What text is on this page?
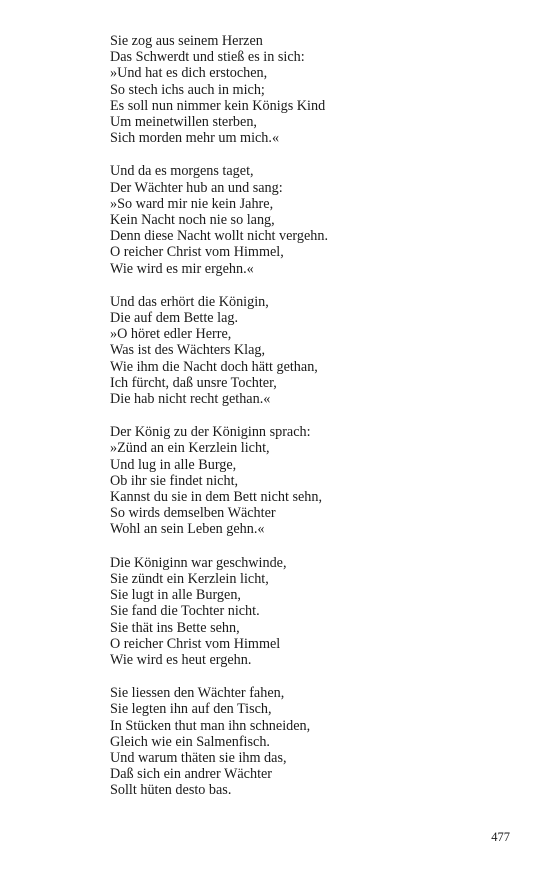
Sie zog aus seinem Herzen
Das Schwerdt und stieß es in sich:
»Und hat es dich erstochen,
So stech ichs auch in mich;
Es soll nun nimmer kein Königs Kind
Um meinetwillen sterben,
Sich morden mehr um mich.«
Und da es morgens taget,
Der Wächter hub an und sang:
»So ward mir nie kein Jahre,
Kein Nacht noch nie so lang,
Denn diese Nacht wollt nicht vergehn.
O reicher Christ vom Himmel,
Wie wird es mir ergehn.«
Und das erhört die Königin,
Die auf dem Bette lag.
»O höret edler Herre,
Was ist des Wächters Klag,
Wie ihm die Nacht doch hätt gethan,
Ich fürcht, daß unsre Tochter,
Die hab nicht recht gethan.«
Der König zu der Königinn sprach:
»Zünd an ein Kerzlein licht,
Und lug in alle Burge,
Ob ihr sie findet nicht,
Kannst du sie in dem Bett nicht sehn,
So wirds demselben Wächter
Wohl an sein Leben gehn.«
Die Königinn war geschwinde,
Sie zündt ein Kerzlein licht,
Sie lugt in alle Burgen,
Sie fand die Tochter nicht.
Sie thät ins Bette sehn,
O reicher Christ vom Himmel
Wie wird es heut ergehn.
Sie liessen den Wächter fahen,
Sie legten ihn auf den Tisch,
In Stücken thut man ihn schneiden,
Gleich wie ein Salmenfisch.
Und warum thäten sie ihm das,
Daß sich ein andrer Wächter
Sollt hüten desto bas.
477
